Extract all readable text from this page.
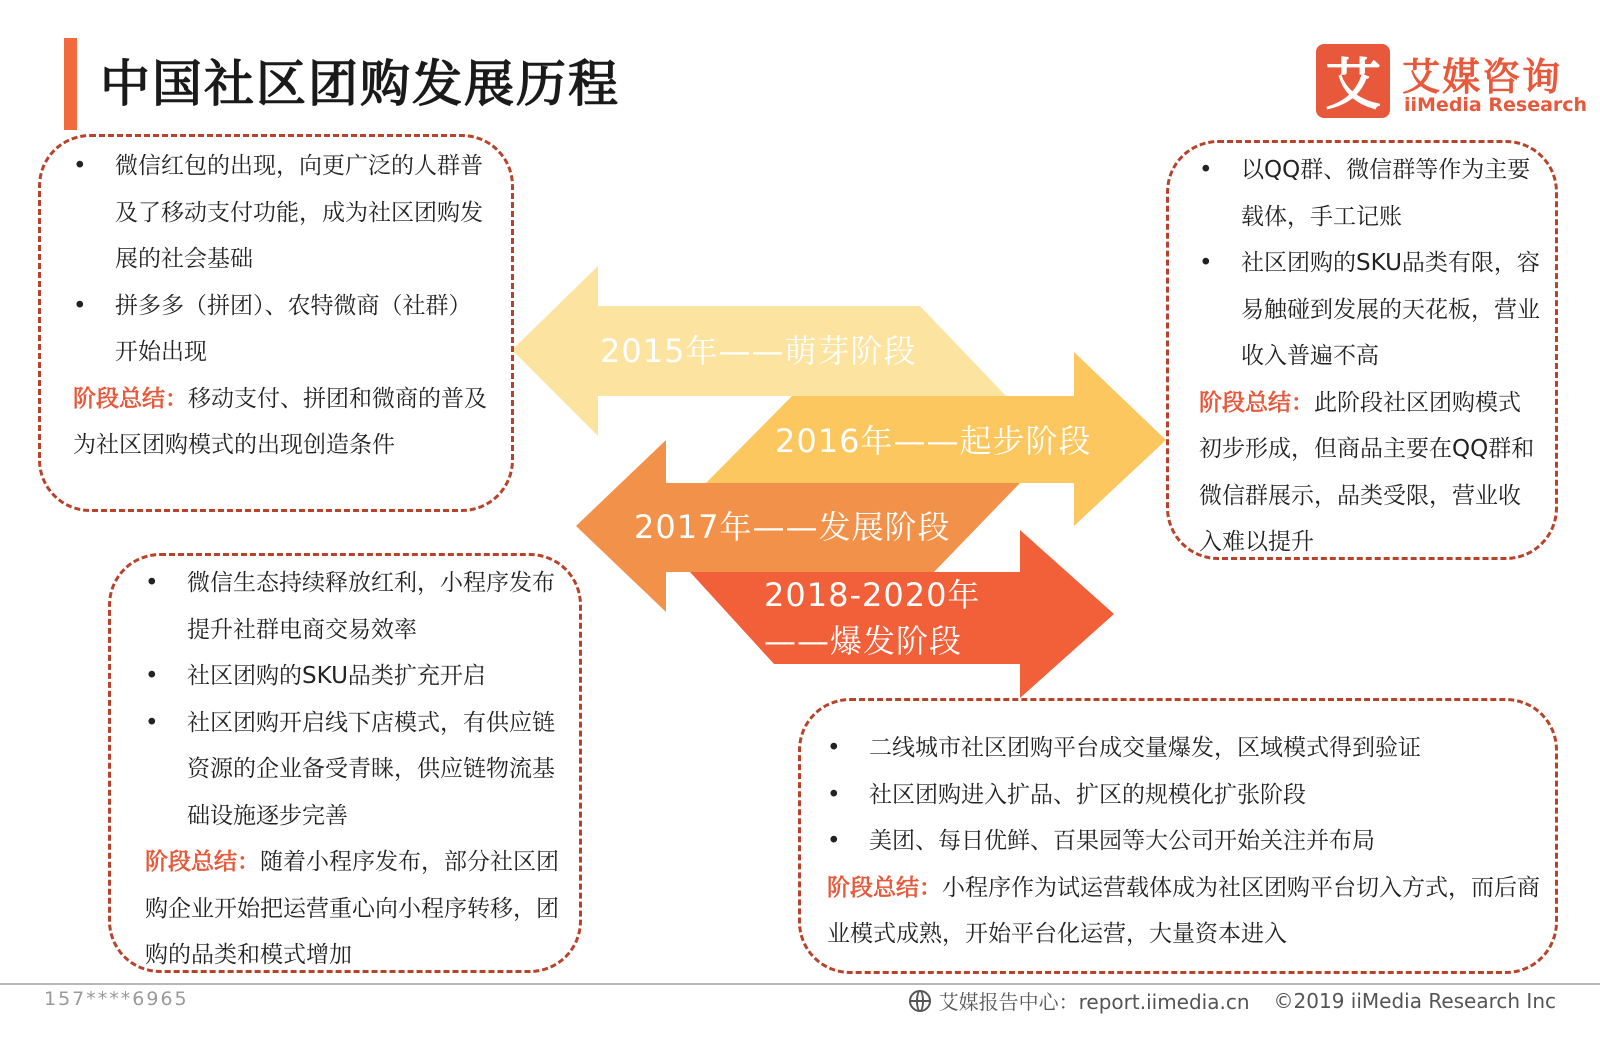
中国社区团购发展历程	艾 艾媒咨询
iiMedia Research
2015年——萌芽阶段
2016年——起步阶段
2017年——发展阶段
2018-2020年
——爆发阶段
• 微信红包的出现，向更广泛的人群普及了移动支付功能，成为社区团购发展的社会基础
• 拼多多（拼团）、农特微商（社群）开始出现

阶段总结：移动支付、拼团和微商的普及为社区团购模式的出现创造条件

• 以QQ群、微信群等作为主要载体，手工记账
• 社区团购的SKU品类有限，容易触碰到发展的天花板，营业收入普遍不高

阶段总结：此阶段社区团购模式初步形成，但商品主要在QQ群和微信群展示，品类受限，营业收入难以提升

• 微信生态持续释放红利，小程序发布提升社群电商交易效率
• 社区团购的SKU品类扩充开启
• 社区团购开启线下店模式，有供应链资源的企业备受青睐，供应链物流基础设施逐步完善

阶段总结：随着小程序发布，部分社区团购企业开始把运营重心向小程序转移，团购的品类和模式增加

• 二线城市社区团购平台成交量爆发，区域模式得到验证
• 社区团购进入扩品、扩区的规模化扩张阶段
• 美团、每日优鲜、百果园等大公司开始关注并布局

阶段总结：小程序作为试运营载体成为社区团购平台切入方式，而后商业模式成熟，开始平台化运营，大量资本进入

157****6965	艾媒报告中心：report.iimedia.cn ©2019 iiMedia Research Inc
